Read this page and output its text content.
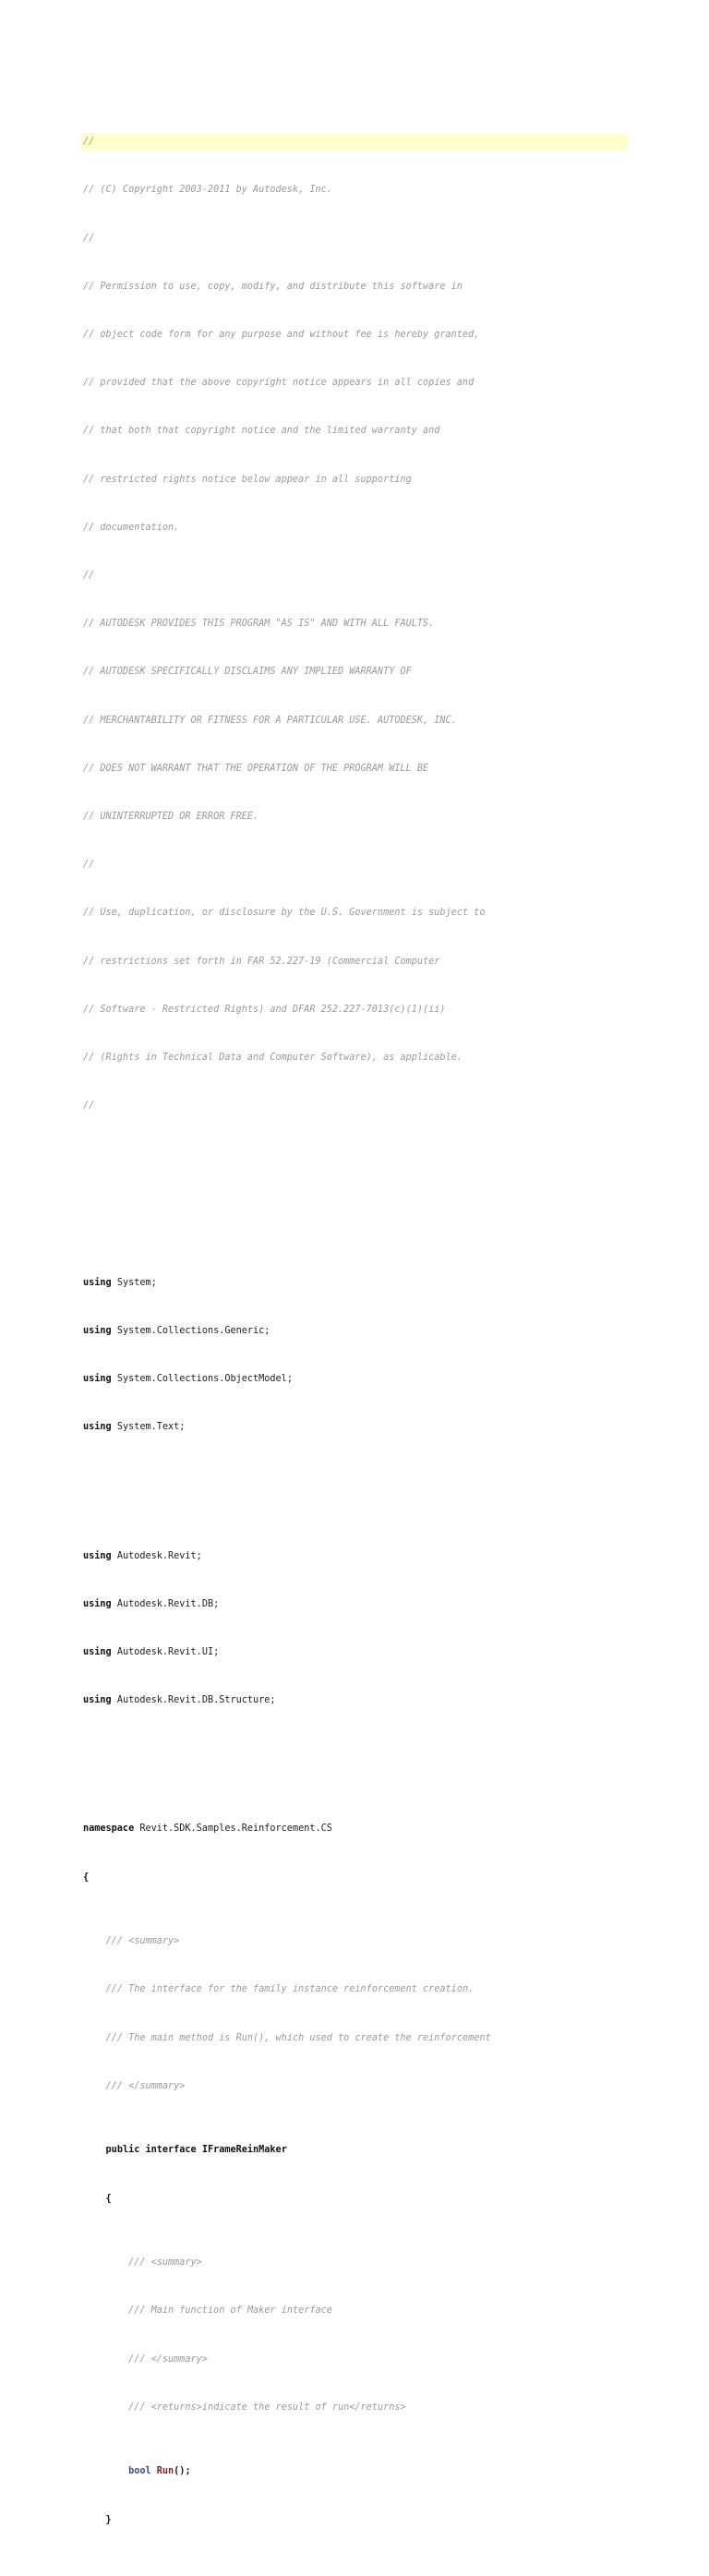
//

// (C) Copyright 2003-2011 by Autodesk, Inc.

//

// Permission to use, copy, modify, and distribute this software in

// object code form for any purpose and without fee is hereby granted,

// provided that the above copyright notice appears in all copies and

// that both that copyright notice and the limited warranty and

// restricted rights notice below appear in all supporting

// documentation.

//

// AUTODESK PROVIDES THIS PROGRAM "AS IS" AND WITH ALL FAULTS.

// AUTODESK SPECIFICALLY DISCLAIMS ANY IMPLIED WARRANTY OF

// MERCHANTABILITY OR FITNESS FOR A PARTICULAR USE. AUTODESK, INC.

// DOES NOT WARRANT THAT THE OPERATION OF THE PROGRAM WILL BE

// UNINTERRUPTED OR ERROR FREE.

//

// Use, duplication, or disclosure by the U.S. Government is subject to

// restrictions set forth in FAR 52.227-19 (Commercial Computer

// Software - Restricted Rights) and DFAR 252.227-7013(c)(1)(ii)

// (Rights in Technical Data and Computer Software), as applicable.

//

using System;

using System.Collections.Generic;

using System.Collections.ObjectModel;

using System.Text;

using Autodesk.Revit;

using Autodesk.Revit.DB;

using Autodesk.Revit.UI;

using Autodesk.Revit.DB.Structure;

namespace Revit.SDK.Samples.Reinforcement.CS

{

/// <summary>

/// The interface for the family instance reinforcement creation.

/// The main method is Run(), which used to create the reinforcement

/// </summary>

public interface IFrameReinMaker

{

/// <summary>

/// Main function of Maker interface

/// </summary>

/// <returns>indicate the result of run</returns>

bool Run();

}
